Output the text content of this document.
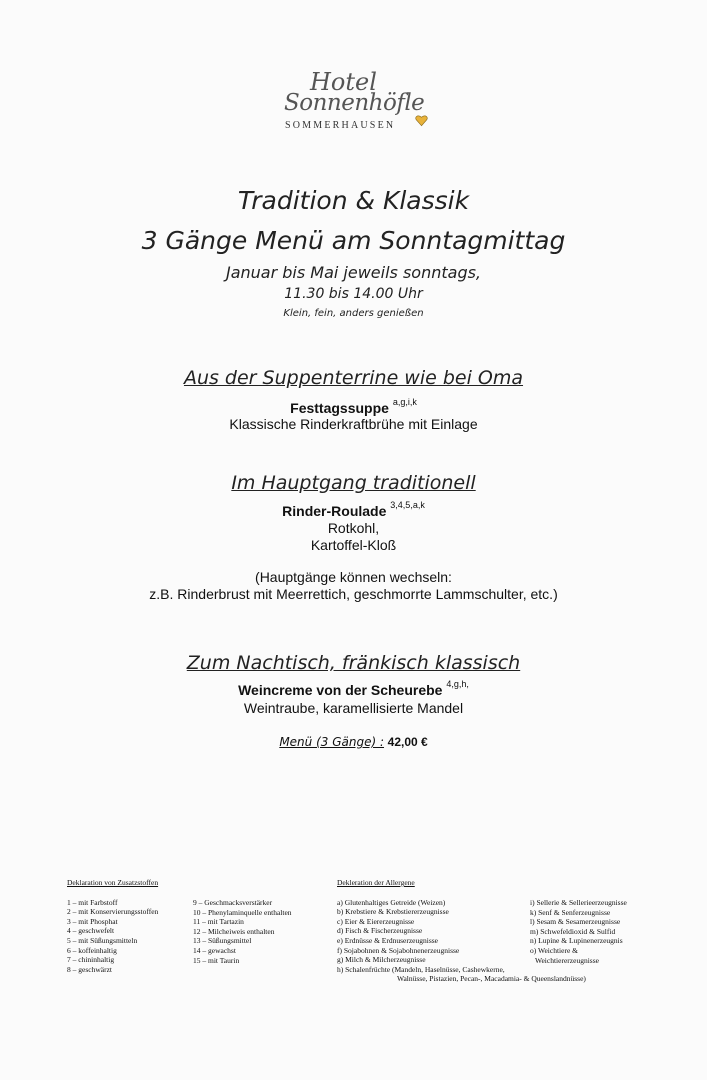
Hotel
Sonnenhöfle
SOMMERHAUSEN
Tradition & Klassik
3 Gänge Menü am Sonntagmittag
Januar bis Mai jeweils sonntags,
11.30 bis 14.00 Uhr
Klein, fein, anders genießen
Aus der Suppenterrine wie bei Oma
Festtagssuppe $^{a,g,i,k}$
Klassische Rinderkraftbrühe mit Einlage
Im Hauptgang traditionell
Rinder-Roulade $^{3,4,5,a,k}$
Rotkohl,
Kartoffel-Kloß
(Hauptgänge können wechseln:
z.B. Rinderbrust mit Meerrettich, geschmorrte Lammschulter, etc.)
Zum Nachtisch, fränkisch klassisch
Weincreme von der Scheurebe $^{4,g,h,}$
Weintraube, karamellisierte Mandel
Menü (3 Gänge) : 42,00 €
Deklaration von Zusatzstoffen
1 – mit Farbstoff
2 – mit Konservierungsstoffen
3 – mit Phosphat
4 – geschwefelt
5 – mit Süßungsmitteln
6 – koffeinhaltig
7 – chininhaltig
8 – geschwärzt
9 – Geschmacksverstärker
10 – Phenylaminquelle enthalten
11 – mit Tartazin
12 – Milcheiweis enthalten
13 – Süßungsmittel
14 – gewachst
15 – mit Taurin
Dekleration der Allergene
a) Glutenhaltiges Getreide (Weizen)
b) Krebstiere & Krebstiererzeugnisse
c) Eier & Eiererzeugnisse
d) Fisch & Fischerzeugnisse
e) Erdnüsse & Erdnuserzeugnisse
f) Sojabohnen & Sojabohnenerzeugnisse
g) Milch & Milcherzeugnisse
h) Schalenfrüchte (Mandeln, Haselnüsse, Cashewkerne,
Walnüsse, Pistazien, Pecan-, Macadamia- & Queenslandnüsse)
i) Sellerie & Sellerieerzeugnisse
k) Senf & Senferzeugnisse
l) Sesam & Sesamerzeugnisse
m) Schwefeldioxid & Sulfid
n) Lupine & Lupinenerzeugnis
o) Weichtiere &
Weichtiererzeugnisse
